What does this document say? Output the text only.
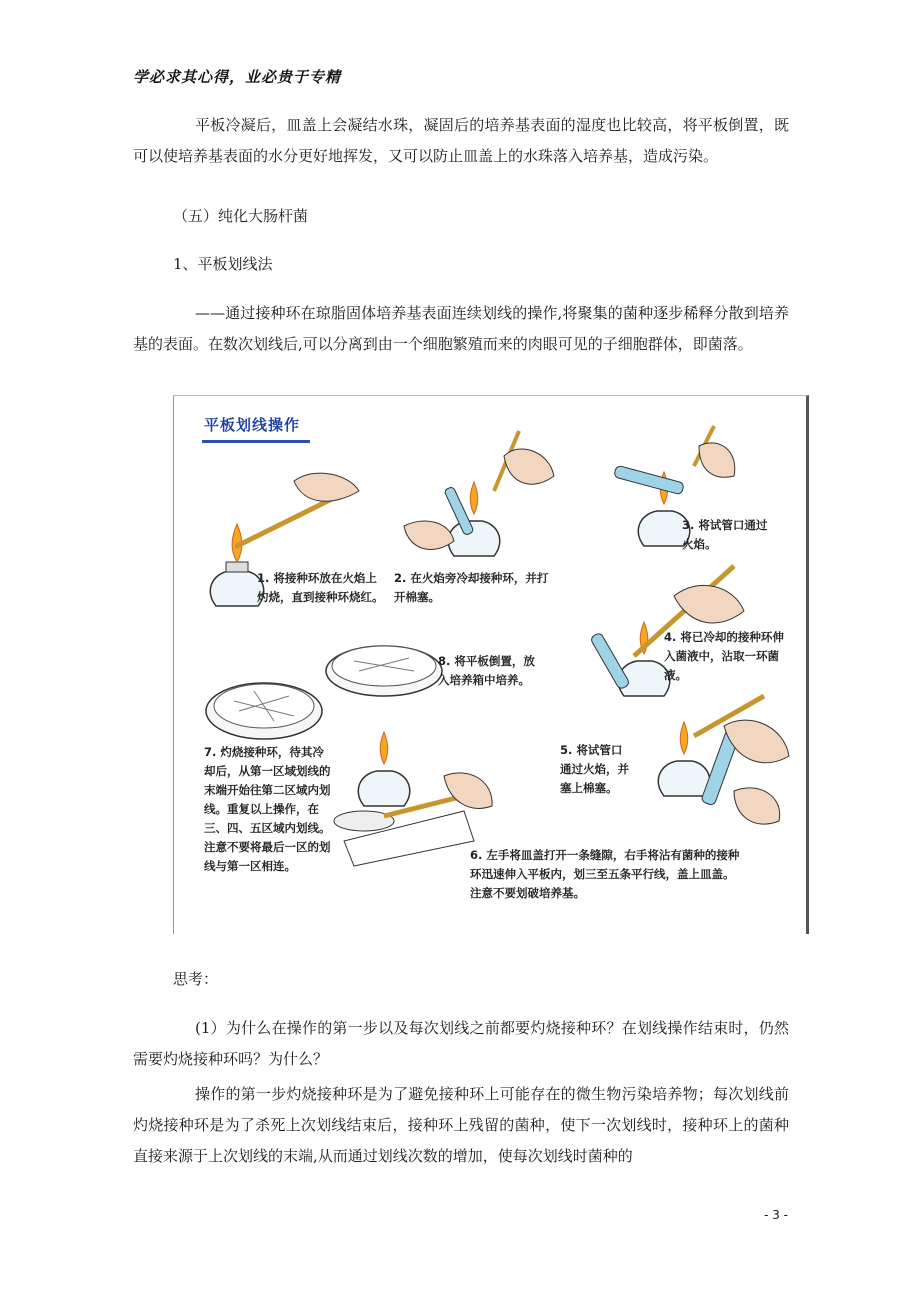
学必求其心得，业必贵于专精

平板冷凝后，皿盖上会凝结水珠，凝固后的培养基表面的湿度也比较高，将平板倒置，既可以使培养基表面的水分更好地挥发，又可以防止皿盖上的水珠落入培养基，造成污染。

（五）纯化大肠杆菌

1、平板划线法

——通过接种环在琼脂固体培养基表面连续划线的操作,将聚集的菌种逐步稀释分散到培养基的表面。在数次划线后,可以分离到由一个细胞繁殖而来的肉眼可见的子细胞群体，即菌落。

平板划线操作

1. 将接种环放在火焰上灼烧，直到接种环烧红。

2. 在火焰旁冷却接种环，并打开棉塞。

3. 将试管口通过火焰。

4. 将已冷却的接种环伸入菌液中，沾取一环菌液。

5. 将试管口通过火焰，并塞上棉塞。

6. 左手将皿盖打开一条缝隙，右手将沾有菌种的接种环迅速伸入平板内，划三至五条平行线，盖上皿盖。注意不要划破培养基。

7. 灼烧接种环，待其冷却后，从第一区域划线的末端开始往第二区域内划线。重复以上操作，在三、四、五区域内划线。注意不要将最后一区的划线与第一区相连。

8. 将平板倒置，放入培养箱中培养。

思考：

(1）为什么在操作的第一步以及每次划线之前都要灼烧接种环？在划线操作结束时，仍然需要灼烧接种环吗？为什么？

操作的第一步灼烧接种环是为了避免接种环上可能存在的微生物污染培养物；每次划线前灼烧接种环是为了杀死上次划线结束后，接种环上残留的菌种，使下一次划线时，接种环上的菌种直接来源于上次划线的末端,从而通过划线次数的增加，使每次划线时菌种的

- 3 -
